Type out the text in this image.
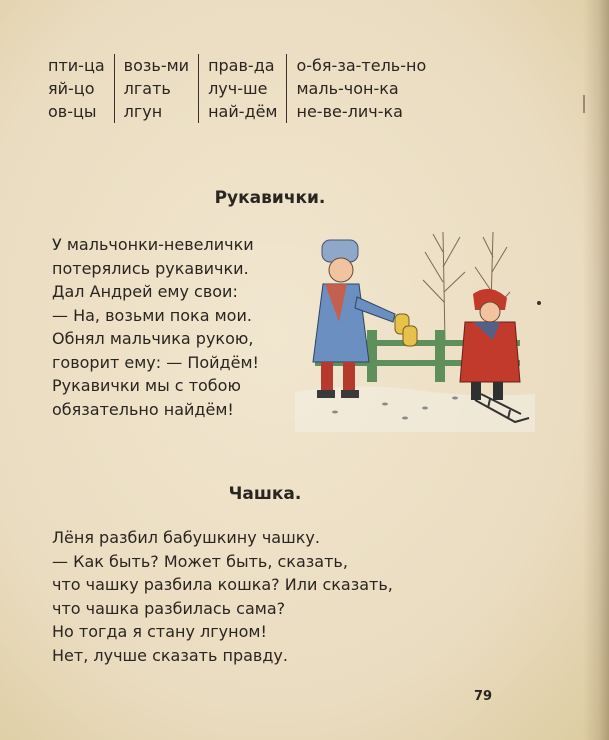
пти-ца
яй-цо
ов-цы
возь-ми
лгать
лгун
прав-да
луч-ше
най-дём
о-бя-за-тель-но
маль-чон-ка
не-ве-лич-ка
Рукавички.
У мальчонки-невелички
потерялись рукавички.
Дал Андрей ему свои:
— На, возьми пока мои.
Обнял мальчика рукою,
говорит ему: — Пойдём!
Рукавички мы с тобою
обязательно найдём!
Чашка.
Лёня разбил бабушкину чашку.
— Как быть? Может быть, сказать,
что чашку разбила кошка? Или сказать,
что чашка разбилась сама?
Но тогда я стану лгуном!
Нет, лучше сказать правду.
79
